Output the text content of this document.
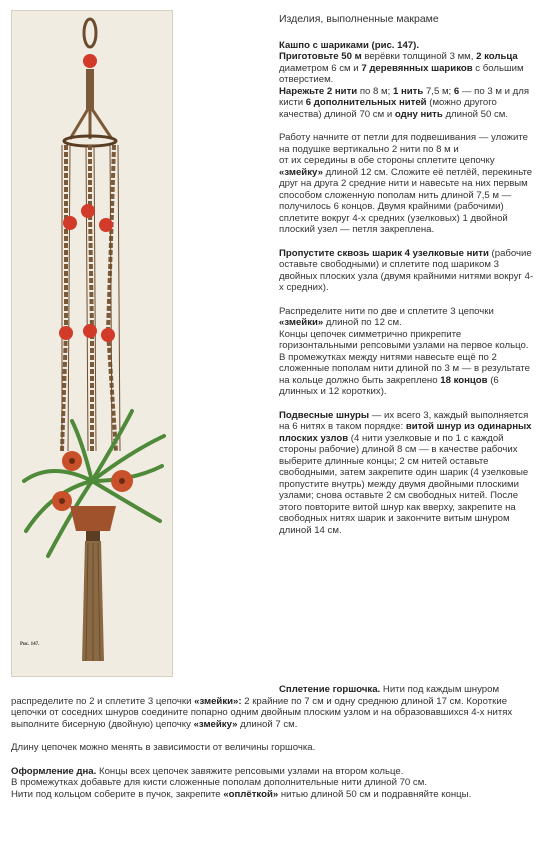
Рис. 147.
Изделия, выполненные макраме

Кашпо с шариками (рис. 147).
Приготовьте 50 м верёвки толщиной 3 мм, 2 кольца диаметром 6 см и 7 деревянных шариков с большим отверстием.
Нарежьте 2 нити по 8 м; 1 нить 7,5 м; 6 — по 3 м и для кисти 6 дополнительных нитей (можно другого качества) длиной 70 см и одну нить длиной 50 см.

Работу начните от петли для подвешивания — уложите на подушке вертикально 2 нити по 8 м и
от их середины в обе стороны сплетите цепочку «змейку» длиной 12 см. Сложите её петлёй, перекиньте друг на друга 2 средние нити и навесьте на них первым способом сложенную пополам нить длиной 7,5 м — получилось 6 концов. Двумя крайними (рабочими) сплетите вокруг 4-х средних (узелковых) 1 двойной плоский узел — петля закреплена.

Пропустите сквозь шарик 4 узелковые нити (рабочие оставьте свободными) и сплетите под шариком 3 двойных плоских узла (двумя крайними нитями вокруг 4-х средних).

Распределите нити по две и сплетите 3 цепочки «змейки» длиной по 12 см.
Концы цепочек симметрично прикрепите горизонтальными репсовыми узлами на первое кольцо.
В промежутках между нитями навесьте ещё по 2 сложенные пополам нити длиной по 3 м — в результате на кольце должно быть закреплено 18 концов (6 длинных и 12 коротких).

Подвесные шнуры — их всего 3, каждый выполняется на 6 нитях в таком порядке: витой шнур из одинарных плоских узлов (4 нити узелковые и по 1 с каждой стороны рабочие) длиной 8 см — в качестве рабочих выберите длинные концы; 2 см нитей оставьте свободными, затем закрепите один шарик (4 узелковые пропустите внутрь) между двумя двойными плоскими узлами; снова оставьте 2 см свободных нитей. После этого повторите витой шнур как вверху, закрепите на свободных нитях шарик и закончите витым шнуром длиной 14 см.

Сплетение горшочка. Нити под каждым шнуром распределите по 2 и сплетите 3 цепочки «змейки»: 2 крайние по 7 см и одну среднюю длиной 17 см. Короткие цепочки от соседних шнуров соедините попарно одним двойным плоским узлом и на образовавшихся 4-х нитях выполните бисерную (двойную) цепочку «змейку» длиной 7 см.

Длину цепочек можно менять в зависимости от величины горшочка.

Оформление дна. Концы всех цепочек завяжите репсовыми узлами на втором кольце.
В промежутках добавьте для кисти сложенные пополам дополнительные нити длиной 70 см.
Нити под кольцом соберите в пучок, закрепите «оплёткой» нитью длиной 50 см и подравняйте концы.
